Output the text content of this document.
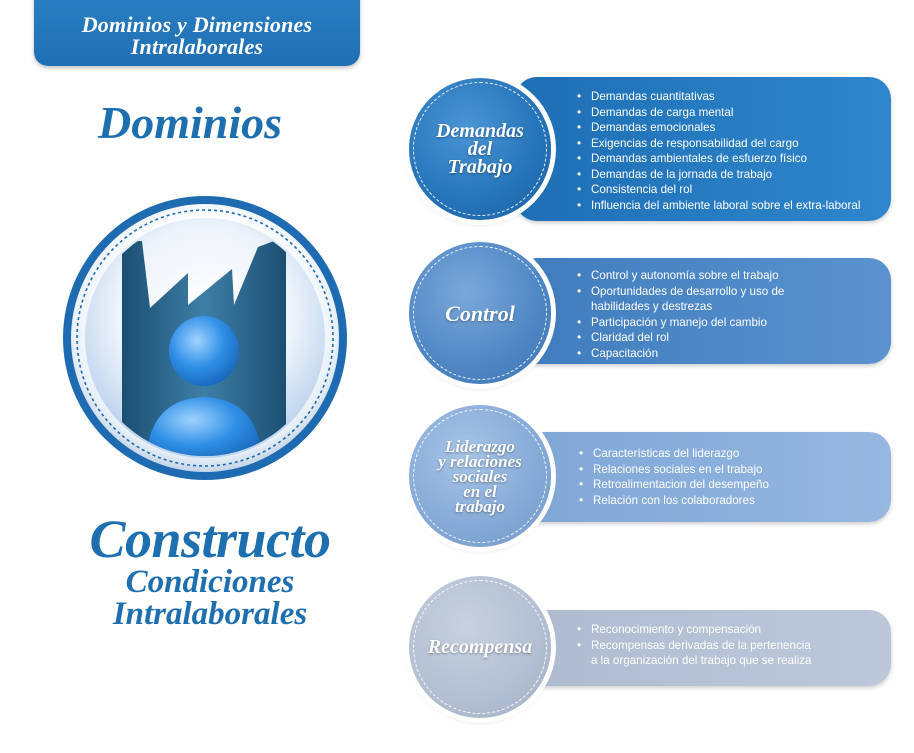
Dominios y Dimensiones
Intralaborales
Dominios
Constructo
Condiciones
Intralaborales
• Demandas cuantitativas
• Demandas de carga mental
• Demandas emocionales
• Exigencias de responsabilidad del cargo
• Demandas ambientales de esfuerzo físico
• Demandas de la jornada de trabajo
• Consistencia del rol
• Influencia del ambiente laboral sobre el extra-laboral
Demandas
del
Trabajo
• Control y autonomía sobre el trabajo
• Oportunidades de desarrollo y uso de
habilidades y destrezas
• Participación y manejo del cambio
• Claridad del rol
• Capacitación
Control
• Características del liderazgo
• Relaciones sociales en el trabajo
• Retroalimentacion del desempeño
• Relación con los colaboradores
Liderazgo
y relaciones
sociales
en el
trabajo
• Reconocimiento y compensación
• Recompensas derivadas de la pertenencia
a la organización del trabajo que se realiza
Recompensa
